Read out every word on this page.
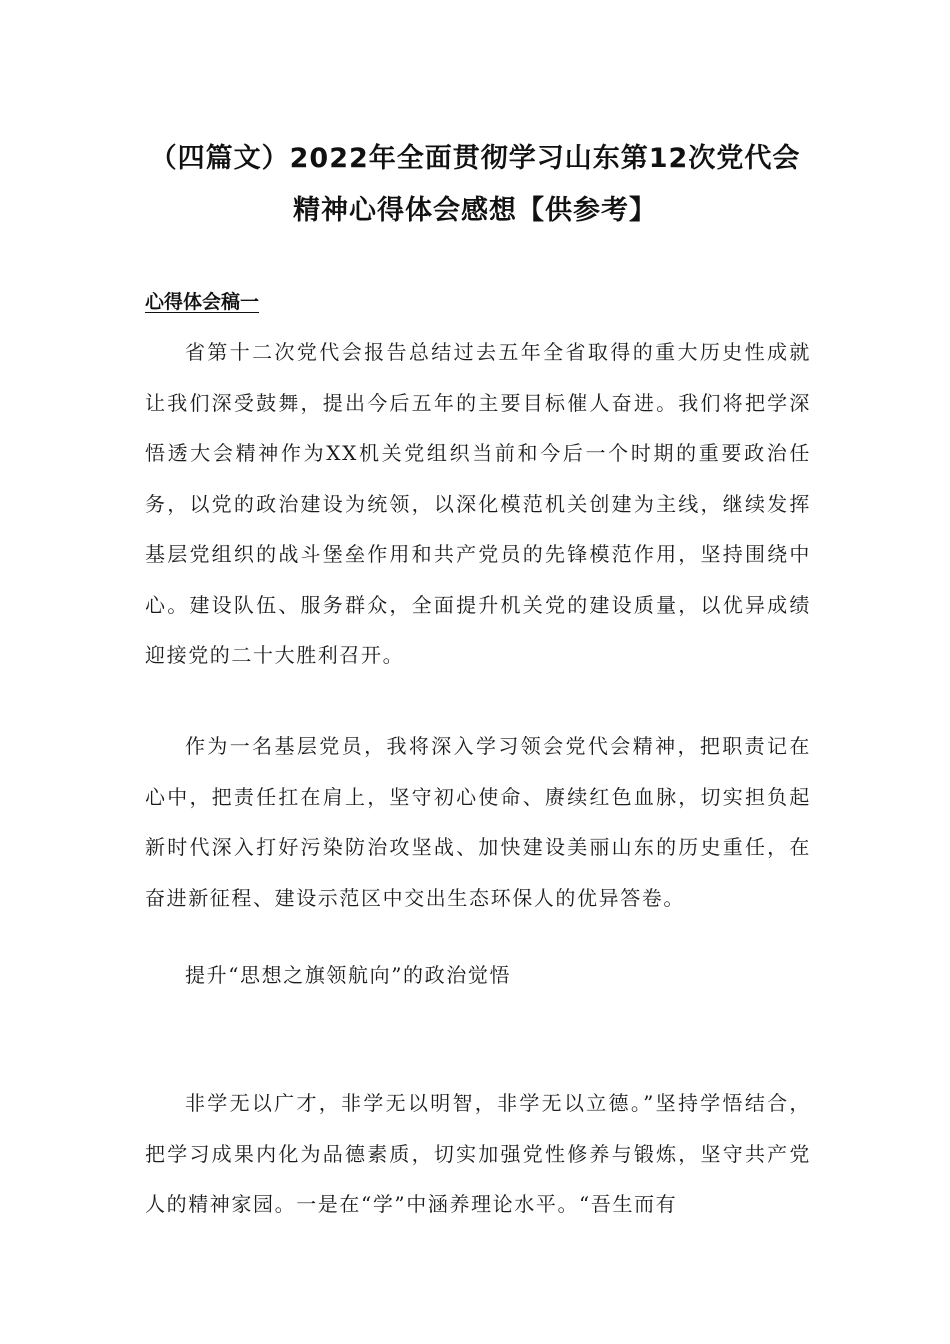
（四篇文）2022年全面贯彻学习山东第12次党代会
精神心得体会感想【供参考】
心得体会稿一
省第十二次党代会报告总结过去五年全省取得的重大历史性成就让我们深受鼓舞，提出今后五年的主要目标催人奋进。我们将把学深悟透大会精神作为XX机关党组织当前和今后一个时期的重要政治任务，以党的政治建设为统领，以深化模范机关创建为主线，继续发挥基层党组织的战斗堡垒作用和共产党员的先锋模范作用，坚持围绕中心。建设队伍、服务群众，全面提升机关党的建设质量，以优异成绩迎接党的二十大胜利召开。
作为一名基层党员，我将深入学习领会党代会精神，把职责记在心中，把责任扛在肩上，坚守初心使命、赓续红色血脉，切实担负起新时代深入打好污染防治攻坚战、加快建设美丽山东的历史重任，在奋进新征程、建设示范区中交出生态环保人的优异答卷。
提升“思想之旗领航向”的政治觉悟
非学无以广才，非学无以明智，非学无以立德。”坚持学悟结合，把学习成果内化为品德素质，切实加强党性修养与锻炼，坚守共产党人的精神家园。一是在“学”中涵养理论水平。“吾生而有
